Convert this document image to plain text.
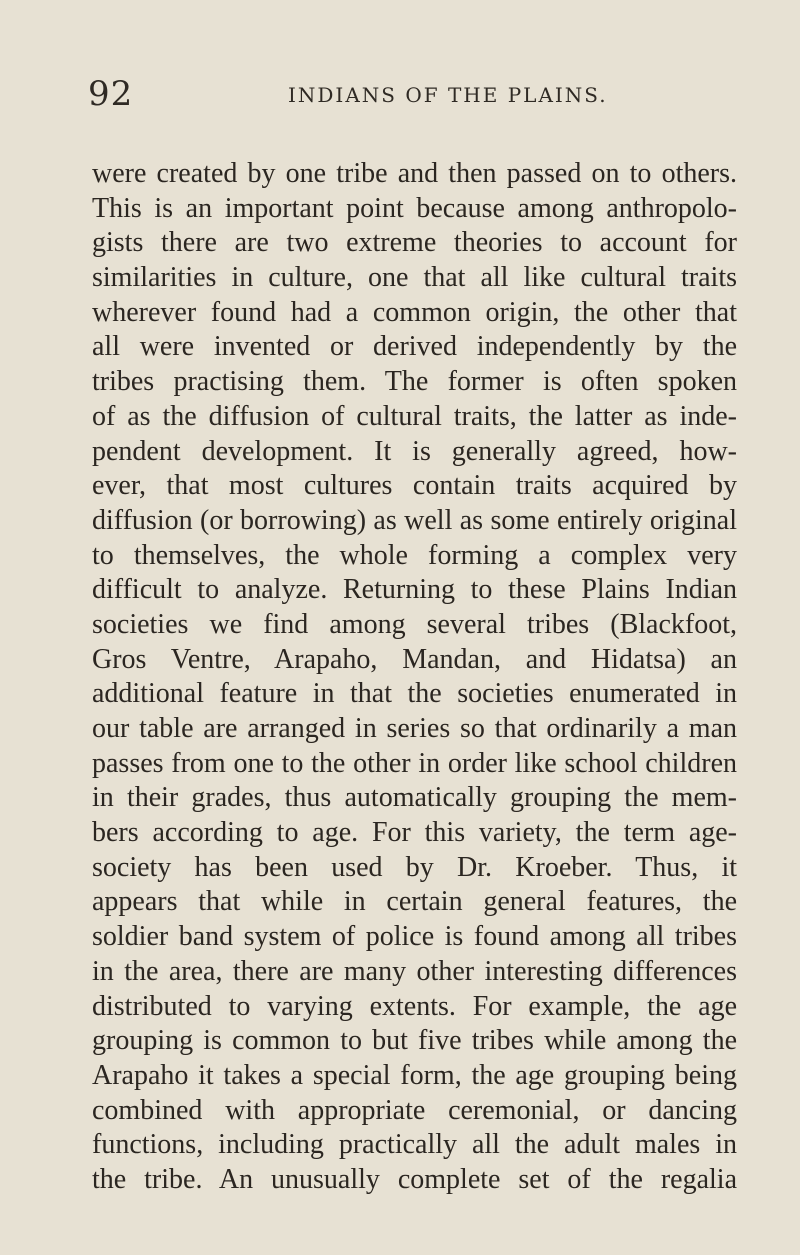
92	INDIANS OF THE PLAINS.
were created by one tribe and then passed on to others.
This is an important point because among anthropolo-
gists there are two extreme theories to account for
similarities in culture, one that all like cultural traits
wherever found had a common origin, the other that
all were invented or derived independently by the
tribes practising them. The former is often spoken
of as the diffusion of cultural traits, the latter as inde-
pendent development. It is generally agreed, how-
ever, that most cultures contain traits acquired by
diffusion (or borrowing) as well as some entirely original
to themselves, the whole forming a complex very
difficult to analyze. Returning to these Plains Indian
societies we find among several tribes (Blackfoot,
Gros Ventre, Arapaho, Mandan, and Hidatsa) an
additional feature in that the societies enumerated in
our table are arranged in series so that ordinarily a man
passes from one to the other in order like school children
in their grades, thus automatically grouping the mem-
bers according to age. For this variety, the term age-
society has been used by Dr. Kroeber. Thus, it
appears that while in certain general features, the
soldier band system of police is found among all tribes
in the area, there are many other interesting differences
distributed to varying extents. For example, the age
grouping is common to but five tribes while among the
Arapaho it takes a special form, the age grouping being
combined with appropriate ceremonial, or dancing
functions, including practically all the adult males in
the tribe. An unusually complete set of the regalia
